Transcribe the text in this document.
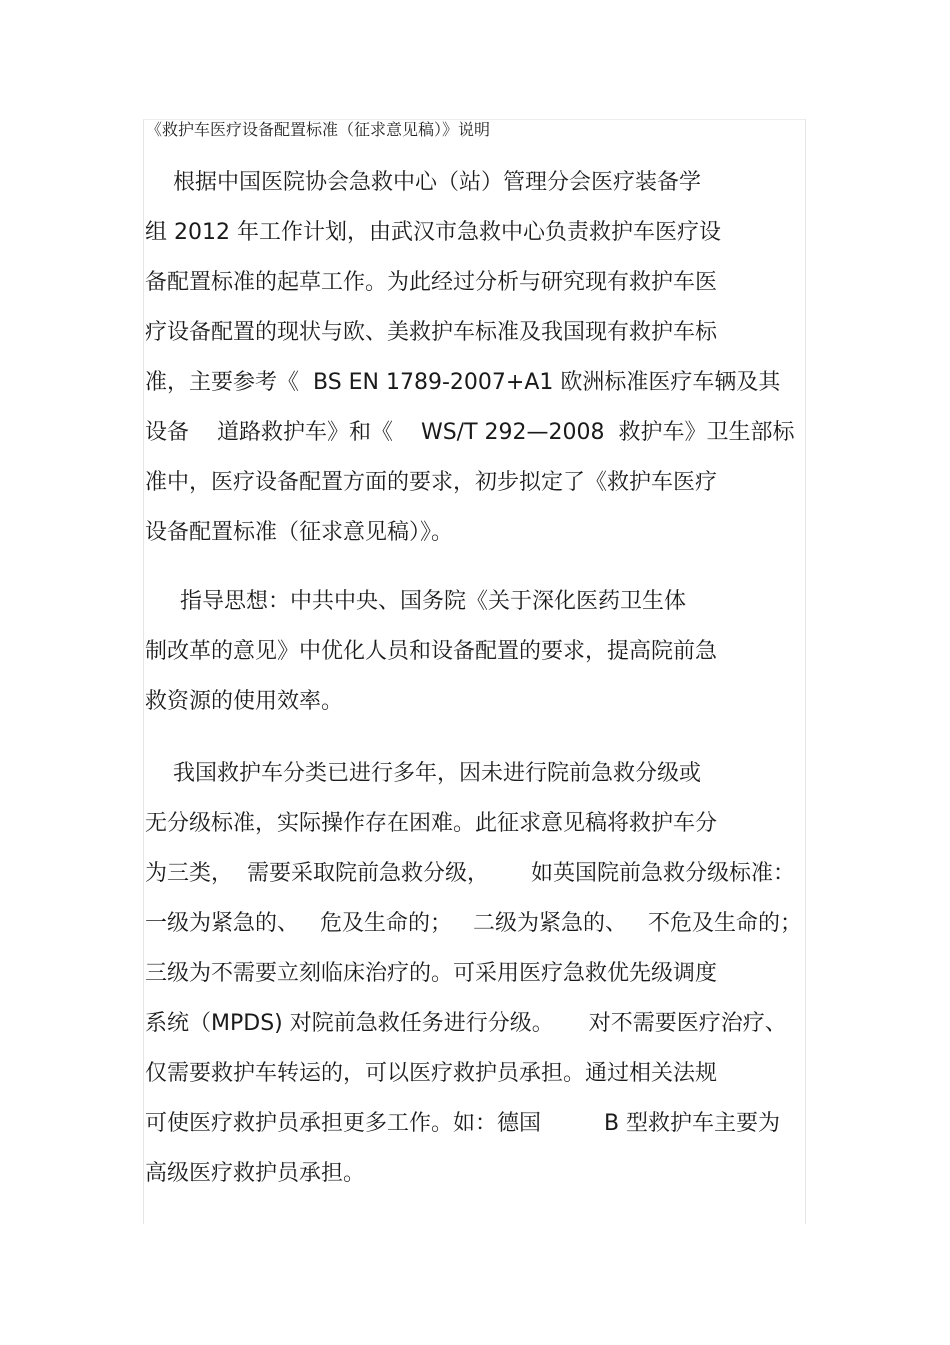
《救护车医疗设备配置标准（征求意见稿）》说明
根据中国医院协会急救中心（站）管理分会医疗装备学
组 2012 年工作计划，由武汉市急救中心负责救护车医疗设
备配置标准的起草工作。为此经过分析与研究现有救护车医
疗设备配置的现状与欧、美救护车标准及我国现有救护车标
准，主要参考《  BS EN 1789-2007+A1 欧洲标准医疗车辆及其
设备    道路救护车》和《    WS/T 292—2008  救护车》卫生部标
准中，医疗设备配置方面的要求，初步拟定了《救护车医疗
设备配置标准（征求意见稿）》。
指导思想：中共中央、国务院《关于深化医药卫生体
制改革的意见》中优化人员和设备配置的要求，提高院前急
救资源的使用效率。
我国救护车分类已进行多年，因未进行院前急救分级或
无分级标准，实际操作存在困难。此征求意见稿将救护车分
为三类，  需要采取院前急救分级，      如英国院前急救分级标准：
一级为紧急的、   危及生命的；   二级为紧急的、   不危及生命的；
三级为不需要立刻临床治疗的。可采用医疗急救优先级调度
系统（MPDS) 对院前急救任务进行分级。     对不需要医疗治疗、
仅需要救护车转运的，可以医疗救护员承担。通过相关法规
可使医疗救护员承担更多工作。如：德国         B 型救护车主要为
高级医疗救护员承担。
